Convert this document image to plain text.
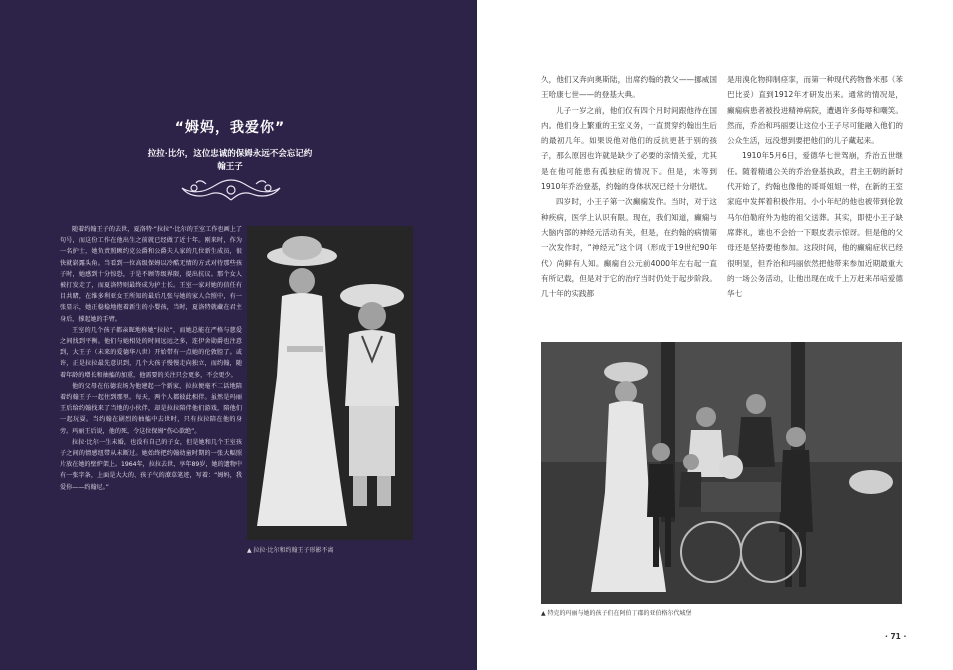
“姆妈，我爱你”
拉拉·比尔，这位忠诚的保姆永远不会忘记约
翰王子

随着约翰王子的去世，夏洛特·“拉拉”·比尔的王室工作也画上了句号，而这份工作在他出生之前就已经做了近十年。刚来时，作为一名护士，她负责照顾约克公爵和公爵夫人家的几位新生成员，很快就崭露头角。当看到一位高级保姆以冷酷无情的方式对待那些孩子时，她感到十分惊恐，于是不顾等级界限，提出抗议。那个女人被打发走了，而夏洛特则最终成为护士长。王室一家对她的信任有目共睹，在维多利亚女王所知的最后几张与她的家人合照中，有一张显示，她正稳稳地抱着新生的小婴孩，当时，夏洛特就藏在君主身后，撑起她的手臂。

王室的几个孩子都亲昵地称她“拉拉”，而她总能在严格与慈爱之间找到平衡。他们与她相处的时间远远之多，连伊舍勋爵也注意到，大王子（未来的爱德华八世）开始带有一点她的伦敦腔了。或许，正是拉拉最先意识到，几个大孩子慢慢走向独立，而约翰，随着年龄的增长和抽搐的加重，他需要的关注只会更多，不会更少。

他的父母在伍德农场为他建起一个新家，拉拉便毫不二话地陪着约翰王子一起住到那里。每天，两个人都彼此相伴。虽然是玛丽王后给约翰找来了当地的小伙伴，却是拉拉陪伴他们游戏，陪他们一起玩耍。当约翰在剧烈的抽搐中去世时，只有拉拉陪在他的身旁。玛丽王后说，他的死，令这位保姆“伤心欲绝”。

拉拉·比尔一生未婚，也没有自己的子女，但是她和几个王室孩子之间的情感纽带从未断过。她始终把约翰幼童时期的一张大幅照片放在她的壁炉架上。1964年，拉拉去世，享年89岁，她的遗物中有一张字条，上面是大大的、孩子气的潦草笔迹，写着：“姆妈，我爱你——约翰尼。”

▲ 拉拉·比尔和约翰王子形影不离

久，他们又奔向奥斯陆，出席约翰的教父——挪威国王哈康七世——的登基大典。

儿子一岁之前，他们仅有四个月时间跟他待在国内。他们身上繁重的王室义务，一直贯穿约翰出生后的最初几年。如果说他对他们的反抗更甚于别的孩子，那么原因也许就是缺少了必要的亲情关爱，尤其是在他可能患有孤独症的情况下。但是，未等到1910年乔治登基，约翰的身体状况已经十分堪忧。

四岁时，小王子第一次癫痫发作。当时，对于这种疾病，医学上认识有限。现在，我们知道，癫痫与大脑内部的神经元活动有关，但是，在约翰的病情第一次发作时，“神经元”这个词（形成于19世纪90年代）尚鲜有人知。癫痫自公元前4000年左右起一直有所记载，但是对于它的治疗当时仍处于起步阶段。几十年的实践都

是用溴化物抑制痉挛，而第一种现代药物鲁米那（苯巴比妥）直到1912年才研发出来。通常的情况是，癫痫病患者被投进精神病院，遭遇许多侮辱和嘲笑。然而，乔治和玛丽要让这位小王子尽可能融入他们的公众生活，远没想到要把他们的儿子藏起来。

1910年5月6日，爱德华七世驾崩，乔治五世继任。随着精通公关的乔治登基执政，君主王朝的新时代开始了，约翰也像他的哥哥姐姐一样，在新的王室家庭中发挥着积极作用。小小年纪的他也被带到伦敦马尔伯勒府外为他的祖父送葬。其实，即使小王子缺席葬礼，谁也不会抬一下眼皮表示惊讶。但是他的父母还是坚持要他参加。这段时间，他的癫痫症状已经很明显，但乔治和玛丽依然把他带来参加近期最重大的一场公务活动，让他出现在成千上万赶来吊唁爱德华七

▲ 特克的玛丽与她的孩子们在阿伯丁郡的亚伯格尔代城堡
· 71 ·
